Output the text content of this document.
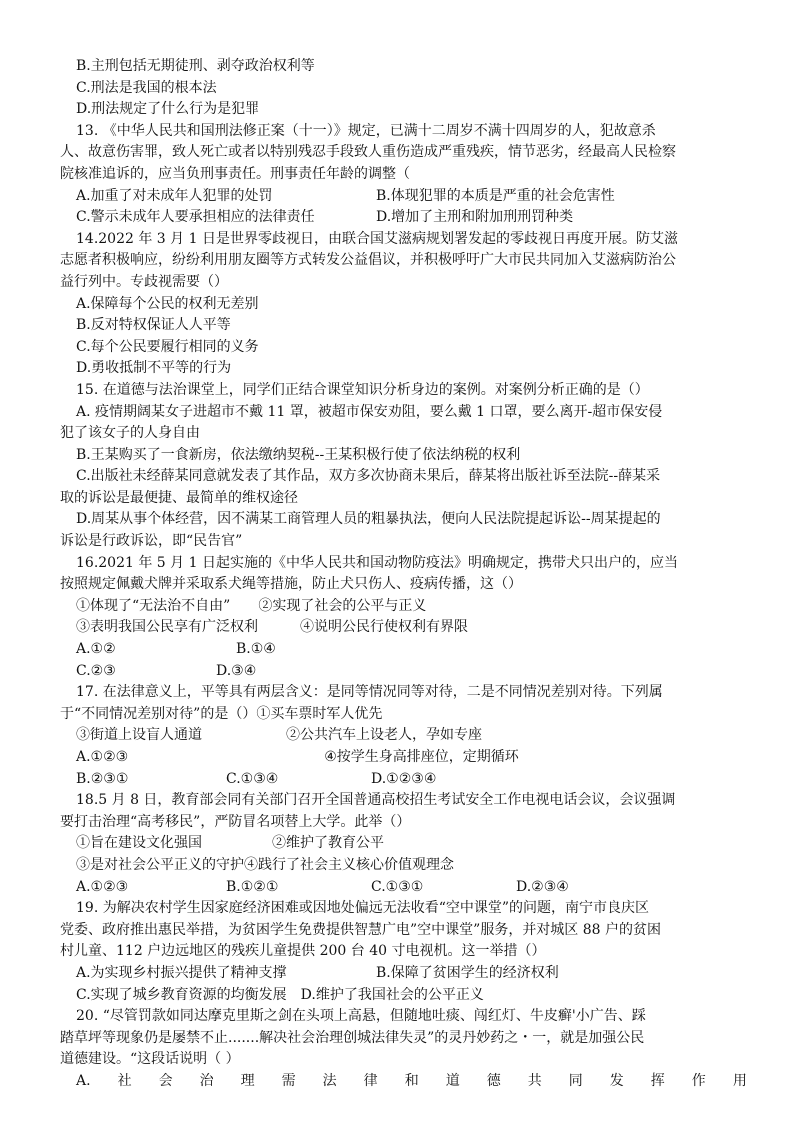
B.主刑包括无期徒刑、剥夺政治权利等
C.刑法是我国的根本法
D.刑法规定了什么行为是犯罪
13. 《中华人民共和国刑法修正案（十一）》规定，已满十二周岁不满十四周岁的人，犯故意杀
人、故意伤害罪，致人死亡或者以特别残忍手段致人重伤造成严重残疾，情节恶劣，经最高人民检察
院核准追诉的，应当负刑事责任。刑事责任年龄的调整（
A.加重了对未成年人犯罪的处罚	B.体现犯罪的本质是严重的社会危害性
C.警示未成年人要承担相应的法律责任	D.增加了主刑和附加刑刑罚种类
14.2022 年 3 月 1 日是世界零歧视日，由联合国艾滋病规划署发起的零歧视日再度开展。防艾滋
志愿者积极响应，纷纷利用朋友圈等方式转发公益倡议，并积极呼吁广大市民共同加入艾滋病防治公
益行列中。专歧视需要（）
A.保障每个公民的权利无差别
B.反对特权保证人人平等
C.每个公民要履行相同的义务
D.勇收抵制不平等的行为
15. 在道德与法治课堂上，同学们正结合课堂知识分析身边的案例。对案例分析正确的是（）
A. 疫情期阔某女子进超市不戴 11 罩，被超市保安劝阻，要么戴 1 口罩，要么离开-超市保安侵
犯了该女子的人身自由
B.王某购买了一食新房，依法缴纳契税--王某积极行使了依法纳税的权利
C.出版社未经薛某同意就发表了其作品，双方多次协商未果后，薛某将出版社诉至法院--薛某采
取的诉讼是最便捷、最简单的维权途径
D.周某从事个体经营，因不满某工商管理人员的粗暴执法，便向人民法院提起诉讼--周某提起的
诉讼是行政诉讼，即“民告官”
16.2021 年 5 月 1 日起实施的《中华人民共和国动物防疫法》明确规定，携带犬只出户的，应当
按照规定佩戴犬牌并采取系犬绳等措施，防止犬只伤人、疫病传播，这（）
①体现了“无法治不自由”　　②实现了社会的公平与正义
③表明我国公民享有广泛权利　　　④说明公民行使权利有界限
A.①②	B.①④
C.②③	D.③④
17. 在法律意义上，平等具有两层含义：是同等情况同等对待，二是不同情况差别对待。下列属
于“不同情况差别对待”的是（）①买车票时军人优先
③街道上设盲人通道　　　　　　②公共汽车上设老人，孕如专座
A.①②③　　　　　　　　　　　　　　④按学生身高排座位，定期循环
B.②③①	C.①③④	D.①②③④
18.5 月 8 日，教育部会同有关部门召开全国普通高校招生考试安全工作电视电话会议，会议强调
要打击治理“高考移民”，严防冒名项替上大学。此举（）
①旨在建设文化强国　　　　　②维护了教育公平
③是对社会公平正义的守护④践行了社会主义核心价值观理念
A.①②③	B.①②①	C.①③①	D.②③④
19. 为解决农村学生因家庭经济困难或因地处偏远无法收看“空中课堂”的问题，南宁市良庆区
党委、政府推出惠民举措，为贫困学生免费提供智慧广电”空中课堂”服务，并对城区 88 户的贫困
村儿童、112 户边远地区的残疾儿童提供 200 台 40 寸电视机。这一举措（）
A.为实现乡村振兴提供了精神支撑	B.保障了贫困学生的经济权利
C.实现了城乡教育资源的均衡发展　D.维护了我国社会的公平正义
20. “尽管罚款如同达摩克里斯之剑在头项上高悬，但随地吐痰、闯红灯、牛皮癣'小广告、踩
踏草坪等现象仍是屡禁不止.......解决社会治理创城法律失灵”的灵丹妙药之・一，就是加强公民
道德建设。“这段话说明（ ）
A. 社 会 治 理 需 法 律 和 道 德 共 同 发 挥 作 用
